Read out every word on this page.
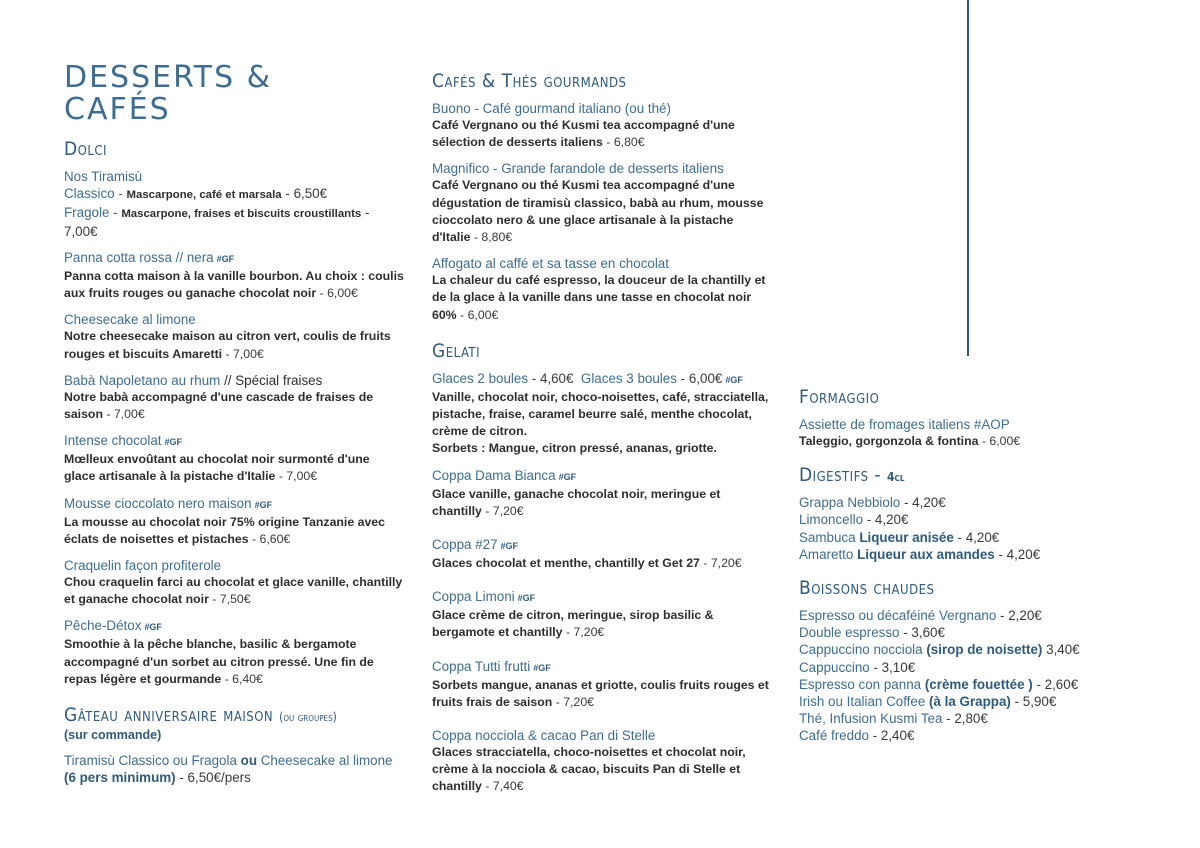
DESSERTS &
CAFÉS
Dolci
Nos Tiramisù
Classico - Mascarpone, café et marsala - 6,50€
Fragole - Mascarpone, fraises et biscuits croustillants - 7,00€
Panna cotta rossa // nera #GF
Panna cotta maison à la vanille bourbon. Au choix : coulis aux fruits rouges ou ganache chocolat noir - 6,00€
Cheesecake al limone
Notre cheesecake maison au citron vert, coulis de fruits rouges et biscuits Amaretti - 7,00€
Babà Napoletano au rhum // Spécial fraises
Notre babà accompagné d'une cascade de fraises de saison - 7,00€
Intense chocolat #GF
Mœlleux envoûtant au chocolat noir surmonté d'une glace artisanale à la pistache d'Italie - 7,00€
Mousse cioccolato nero maison #GF
La mousse au chocolat noir 75% origine Tanzanie avec éclats de noisettes et pistaches - 6,60€
Craquelin façon profiterole
Chou craquelin farci au chocolat et glace vanille, chantilly et ganache chocolat noir - 7,50€
Pêche-Détox #GF
Smoothie à la pêche blanche, basilic & bergamote accompagné d'un sorbet au citron pressé. Une fin de repas légère et gourmande - 6,40€
Gâteau anniversaire maison (ou groupes)
(sur commande)
Tiramisù Classico ou Fragola ou Cheesecake al limone
(6 pers minimum) - 6,50€/pers
Cafés & Thés gourmands
Buono - Café gourmand italiano (ou thé)
Café Vergnano ou thé Kusmi tea accompagné d'une sélection de desserts italiens - 6,80€
Magnifico - Grande farandole de desserts italiens
Café Vergnano ou thé Kusmi tea accompagné d'une dégustation de tiramisù classico, babà au rhum, mousse cioccolato nero & une glace artisanale à la pistache d'Italie - 8,80€
Affogato al caffé et sa tasse en chocolat
La chaleur du café espresso, la douceur de la chantilly et de la glace à la vanille dans une tasse en chocolat noir 60% - 6,00€
Gelati
Glaces 2 boules - 4,60€ Glaces 3 boules - 6,00€ #GF
Vanille, chocolat noir, choco-noisettes, café, stracciatella, pistache, fraise, caramel beurre salé, menthe chocolat, crème de citron.
Sorbets : Mangue, citron pressé, ananas, griotte.
Coppa Dama Bianca #GF
Glace vanille, ganache chocolat noir, meringue et chantilly - 7,20€
Coppa #27 #GF
Glaces chocolat et menthe, chantilly et Get 27 - 7,20€
Coppa Limoni #GF
Glace crème de citron, meringue, sirop basilic & bergamote et chantilly - 7,20€
Coppa Tutti frutti #GF
Sorbets mangue, ananas et griotte, coulis fruits rouges et fruits frais de saison - 7,20€
Coppa nocciola & cacao Pan di Stelle
Glaces stracciatella, choco-noisettes et chocolat noir, crème à la nocciola & cacao, biscuits Pan di Stelle et chantilly - 7,40€
Formaggio
Assiette de fromages italiens #AOP
Taleggio, gorgonzola & fontina - 6,00€
Digestifs - 4cl
Grappa Nebbiolo - 4,20€
Limoncello - 4,20€
Sambuca Liqueur anisée - 4,20€
Amaretto Liqueur aux amandes - 4,20€
Boissons chaudes
Espresso ou décaféiné Vergnano - 2,20€
Double espresso - 3,60€
Cappuccino nocciola (sirop de noisette) 3,40€
Cappuccino - 3,10€
Espresso con panna (crème fouettée ) - 2,60€
Irish ou Italian Coffee (à la Grappa) - 5,90€
Thé, Infusion Kusmi Tea - 2,80€
Café freddo - 2,40€
